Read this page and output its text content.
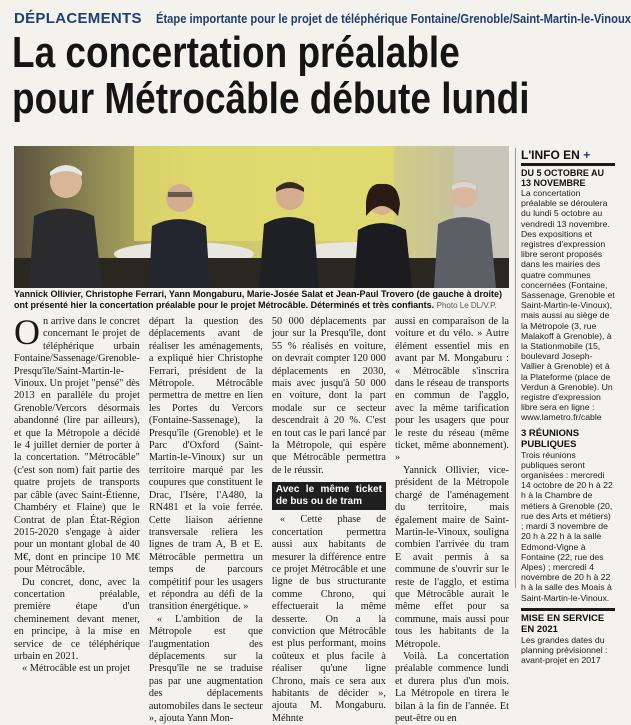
DÉPLACEMENTS Étape importante pour le projet de téléphérique Fontaine/Grenoble/Saint-Martin-le-Vinoux
La concertation préalable
pour Métrocâble débute lundi
Yannick Ollivier, Christophe Ferrari, Yann Mongaburu, Marie-Josée Salat et Jean-Paul Trovero (de gauche à droite) ont présenté hier la concertation préalable pour le projet Métrocâble. Déterminés et très confiants. Photo Le DL/V.P.

On arrive dans le concret concernant le projet de téléphérique urbain Fontaine/Sassenage/Grenoble-Presqu'île/Saint-Martin-le-Vinoux. Un projet "pensé" dès 2013 en parallèle du projet Grenoble/Vercors désormais abandonné (lire par ailleurs), et que la Métropole a décidé le 4 juillet dernier de porter à la concertation. "Métrocâble" (c'est son nom) fait partie des quatre projets de transports par câble (avec Saint-Étienne, Chambéry et Flaine) que le Contrat de plan État-Région 2015-2020 s'engage à aider pour un montant global de 40 M€, dont en principe 10 M€ pour Métrocâble.

Du concret, donc, avec la concertation préalable, première étape d'un cheminement devant mener, en principe, à la mise en service de ce téléphérique urbain en 2021.

« Métrocâble est un projet

départ la question des déplacements avant de réaliser les aménagements, a expliqué hier Christophe Ferrari, président de la Métropole. Métrocâble permettra de mettre en lien les Portes du Vercors (Fontaine-Sassenage), la Presqu'île (Grenoble) et le Parc d'Oxford (Saint-Martin-le-Vinoux) sur un territoire marqué par les coupures que constituent le Drac, l'Isère, l'A480, la RN481 et la voie ferrée. Cette liaison aérienne transversale reliera les lignes de tram A, B et E. Métrocâble permettra un temps de parcours compétitif pour les usagers et répondra au défi de la transition énergétique. »

« L'ambition de la Métropole est que l'augmentation des déplacements sur la Presqu'île ne se traduise pas par une augmentation des déplacements automobiles dans le secteur », ajouta Yann Mon-

50 000 déplacements par jour sur la Presqu'île, dont 55 % réalisés en voiture, on devrait compter 120 000 déplacements en 2030, mais avec jusqu'à 50 000 en voiture, dont la part modale sur ce secteur descendrait à 20 %. C'est en tout cas le pari lancé par la Métropole, qui espère que Métrocâble permettra de le réussir.

Avec le même ticket de bus ou de tram

« Cette phase de concertation permettra aussi aux habitants de mesurer la différence entre ce projet Métrocâble et une ligne de bus structurante comme Chrono, qui effectuerait la même desserte. On a la conviction que Métrocâble est plus performant, moins coûteux et plus facile à réaliser qu'une ligne Chrono, mais ce sera aux habitants de décider », ajouta M. Mongaburu. Méhnte

aussi en comparaison de la voiture et du vélo. » Autre élément essentiel mis en avant par M. Mongaburu : « Métrocâble s'inscrira dans le réseau de transports en commun de l'agglo, avec la même tarification pour les usagers que pour le reste du réseau (même ticket, même abonnement). »

Yannick Ollivier, vice-président de la Métropole chargé de l'aménagement du territoire, mais également maire de Saint-Martin-le-Vinoux, souligna combien l'arrivée du tram E avait permis à sa commune de s'ouvrir sur le reste de l'agglo, et estima que Métrocâble aurait le même effet pour sa commune, mais aussi pour tous les habitants de la Métropole.

Voilà. La concertation préalable commence lundi et durera plus d'un mois. La Métropole en tirera le bilan à la fin de l'année. Et peut-être ou en

L'INFO EN +
DU 5 OCTOBRE AU 13 NOVEMBRE
La concertation préalable se déroulera du lundi 5 octobre au vendredi 13 novembre. Des expositions et registres d'expression libre seront proposés dans les mairies des quatre communes concernées (Fontaine, Sassenage, Grenoble et Saint-Martin-le-Vinoux), mais aussi au siège de la Métropole (3, rue Malakoff à Grenoble), à la Stationmobile (15, boulevard Joseph-Vallier à Grenoble) et à la Plateforme (place de Verdun à Grenoble). Un registre d'expression libre sera en ligne : www.lametro.fr/cable
3 RÉUNIONS PUBLIQUES
Trois réunions publiques seront organisées : mercredi 14 octobre de 20 h à 22 h à la Chambre de métiers à Grenoble (20, rue des Arts et métiers) ; mardi 3 novembre de 20 h à 22 h à la salle Edmond-Vigne à Fontaine (22, rue des Alpes) ; mercredi 4 novembre de 20 h à 22 h à la salle des Moais à Saint-Martin-le-Vinoux.
MISE EN SERVICE EN 2021
Les grandes dates du planning prévisionnel : avant-projet en 2017
